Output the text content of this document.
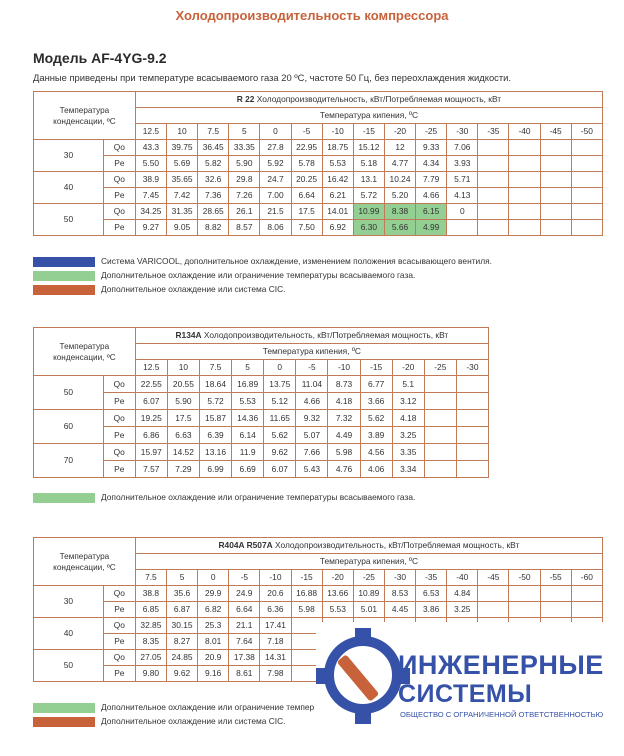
Холодопроизводительность компрессора
Модель AF-4YG-9.2
Данные приведены при температуре всасываемого газа 20 ºC, частоте 50 Гц, без переохлаждения жидкости.
Температура конденсации, ºС		R 22 Холодопроизводительность, кВт/Потребляемая мощность, кВт														
		Температура кипения, ºС														
		12.5	10	7.5	5	0	-5	-10	-15	-20	-25	-30	-35	-40	-45	-50
30	Qo	43.3	39.75	36.45	33.35	27.8	22.95	18.75	15.12	12	9.33	7.06				
	Pe	5.50	5.69	5.82	5.90	5.92	5.78	5.53	5.18	4.77	4.34	3.93				
40	Qo	38.9	35.65	32.6	29.8	24.7	20.25	16.42	13.1	10.24	7.79	5.71				
	Pe	7.45	7.42	7.36	7.26	7.00	6.64	6.21	5.72	5.20	4.66	4.13				
50	Qo	34.25	31.35	28.65	26.1	21.5	17.5	14.01	10.99	8.38	6.15	0				
	Pe	9.27	9.05	8.82	8.57	8.06	7.50	6.92	6.30	5.66	4.99					
Система VARICOOL, дополнительное охлаждение, изменением положения всасывающего вентиля.
Дополнительное охлаждение или ограничение температуры всасываемого газа.
Дополнительное охлаждение или система CIC.
Температура конденсации, ºС		R134A Холодопроизводительность, кВт/Потребляемая мощность, кВт										
		Температура кипения, ºС										
		12.5	10	7.5	5	0	-5	-10	-15	-20	-25	-30
50	Qo	22.55	20.55	18.64	16.89	13.75	11.04	8.73	6.77	5.1		
	Pe	6.07	5.90	5.72	5.53	5.12	4.66	4.18	3.66	3.12		
60	Qo	19.25	17.5	15.87	14.36	11.65	9.32	7.32	5.62	4.18		
	Pe	6.86	6.63	6.39	6.14	5.62	5.07	4.49	3.89	3.25		
70	Qo	15.97	14.52	13.16	11.9	9.62	7.66	5.98	4.56	3.35		
	Pe	7.57	7.29	6.99	6.69	6.07	5.43	4.76	4.06	3.34		
Дополнительное охлаждение или ограничение температуры всасываемого газа.
Температура конденсации, ºС		R404A R507A Холодопроизводительность, кВт/Потребляемая мощность, кВт														
		Температура кипения, ºС														
		7.5	5	0	-5	-10	-15	-20	-25	-30	-35	-40	-45	-50	-55	-60
30	Qo	38.8	35.6	29.9	24.9	20.6	16.88	13.66	10.89	8.53	6.53	4.84				
	Pe	6.85	6.87	6.82	6.64	6.36	5.98	5.53	5.01	4.45	3.86	3.25				
40	Qo	32.85	30.15	25.3	21.1	17.41										
	Pe	8.35	8.27	8.01	7.64	7.18										
50	Qo	27.05	24.85	20.9	17.38	14.31										
	Pe	9.80	9.62	9.16	8.61	7.98										
Дополнительное охлаждение или ограничение темпер
Дополнительное охлаждение или система CIC.
ИНЖЕНЕРНЫЕ
СИСТЕМЫ
ОБЩЕСТВО С ОГРАНИЧЕННОЙ ОТВЕТСТВЕННОСТЬЮ
